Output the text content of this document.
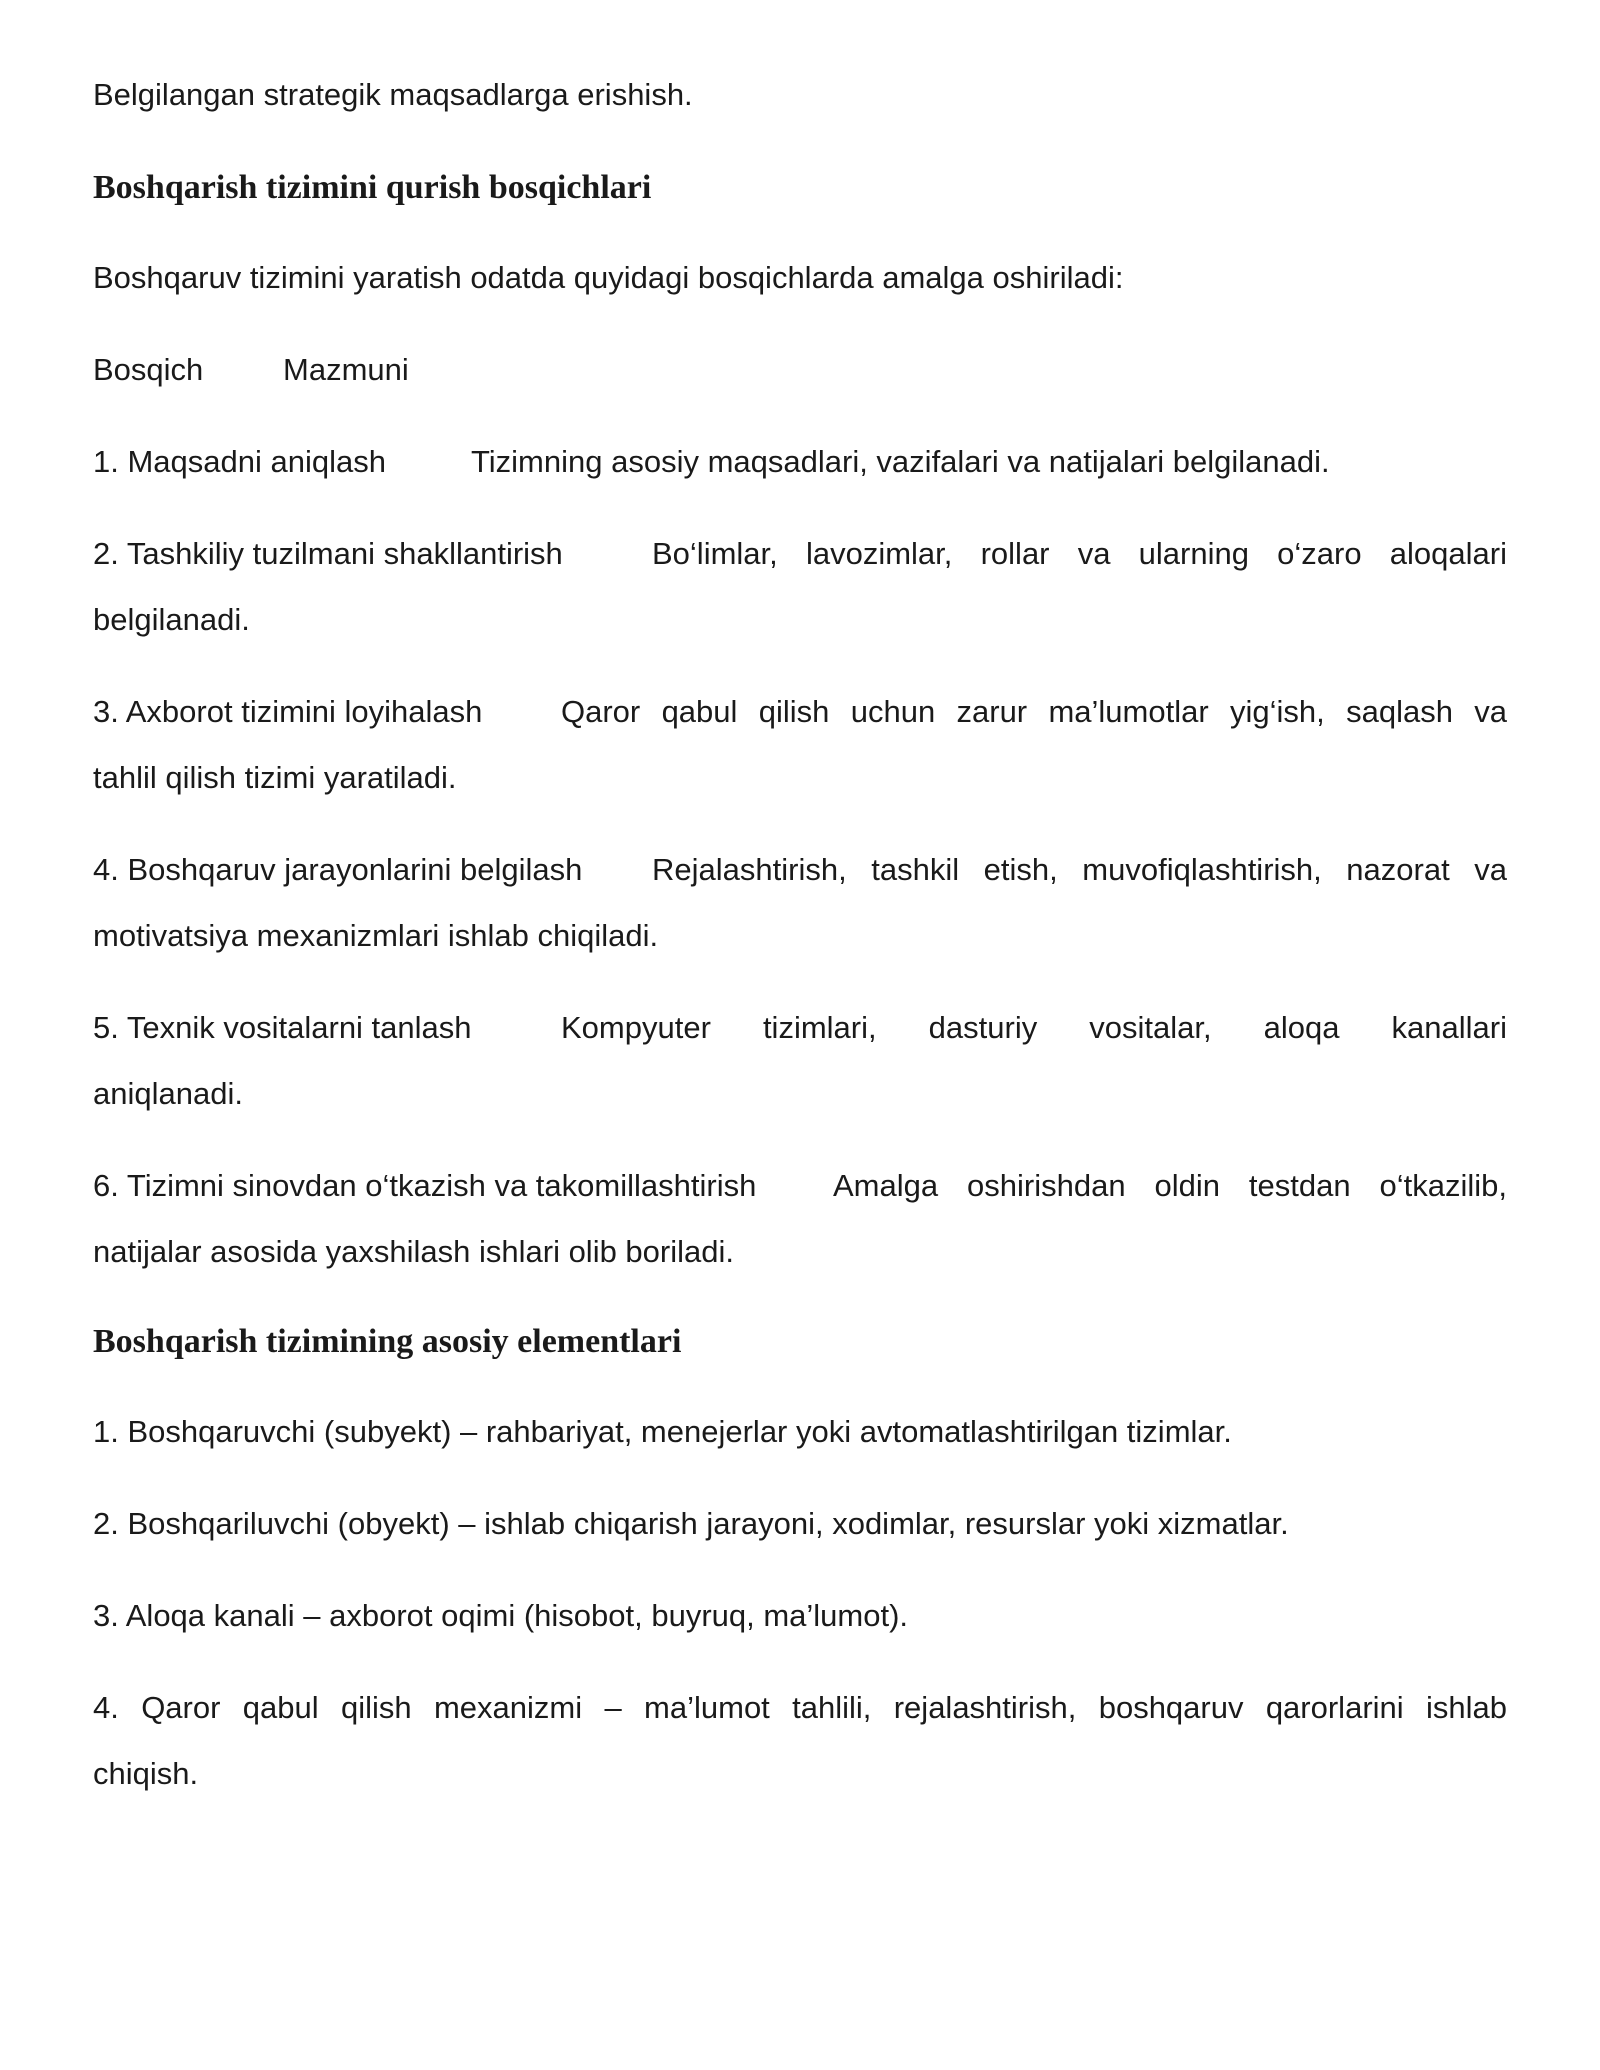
Belgilangan strategik maqsadlarga erishish.
Boshqarish tizimini qurish bosqichlari
Boshqaruv tizimini yaratish odatda quyidagi bosqichlarda amalga oshiriladi:
Bosqich	Mazmuni
1. Maqsadni aniqlash	Tizimning asosiy maqsadlari, vazifalari va natijalari belgilanadi.
2. Tashkiliy tuzilmani shakllantirish	Bo‘limlar, lavozimlar, rollar va ularning o‘zaro aloqalari
belgilanadi.
3. Axborot tizimini loyihalash	Qaror qabul qilish uchun zarur ma’lumotlar yig‘ish, saqlash va
tahlil qilish tizimi yaratiladi.
4. Boshqaruv jarayonlarini belgilash	Rejalashtirish, tashkil etish, muvofiqlashtirish, nazorat va
motivatsiya mexanizmlari ishlab chiqiladi.
5. Texnik vositalarni tanlash	Kompyuter tizimlari, dasturiy vositalar, aloqa kanallari
aniqlanadi.
6. Tizimni sinovdan o‘tkazish va takomillashtirish	Amalga oshirishdan oldin testdan o‘tkazilib,
natijalar asosida yaxshilash ishlari olib boriladi.
Boshqarish tizimining asosiy elementlari
1. Boshqaruvchi (subyekt) – rahbariyat, menejerlar yoki avtomatlashtirilgan tizimlar.
2. Boshqariluvchi (obyekt) – ishlab chiqarish jarayoni, xodimlar, resurslar yoki xizmatlar.
3. Aloqa kanali – axborot oqimi (hisobot, buyruq, ma’lumot).
4. Qaror qabul qilish mexanizmi – ma’lumot tahlili, rejalashtirish, boshqaruv qarorlarini ishlab
chiqish.
